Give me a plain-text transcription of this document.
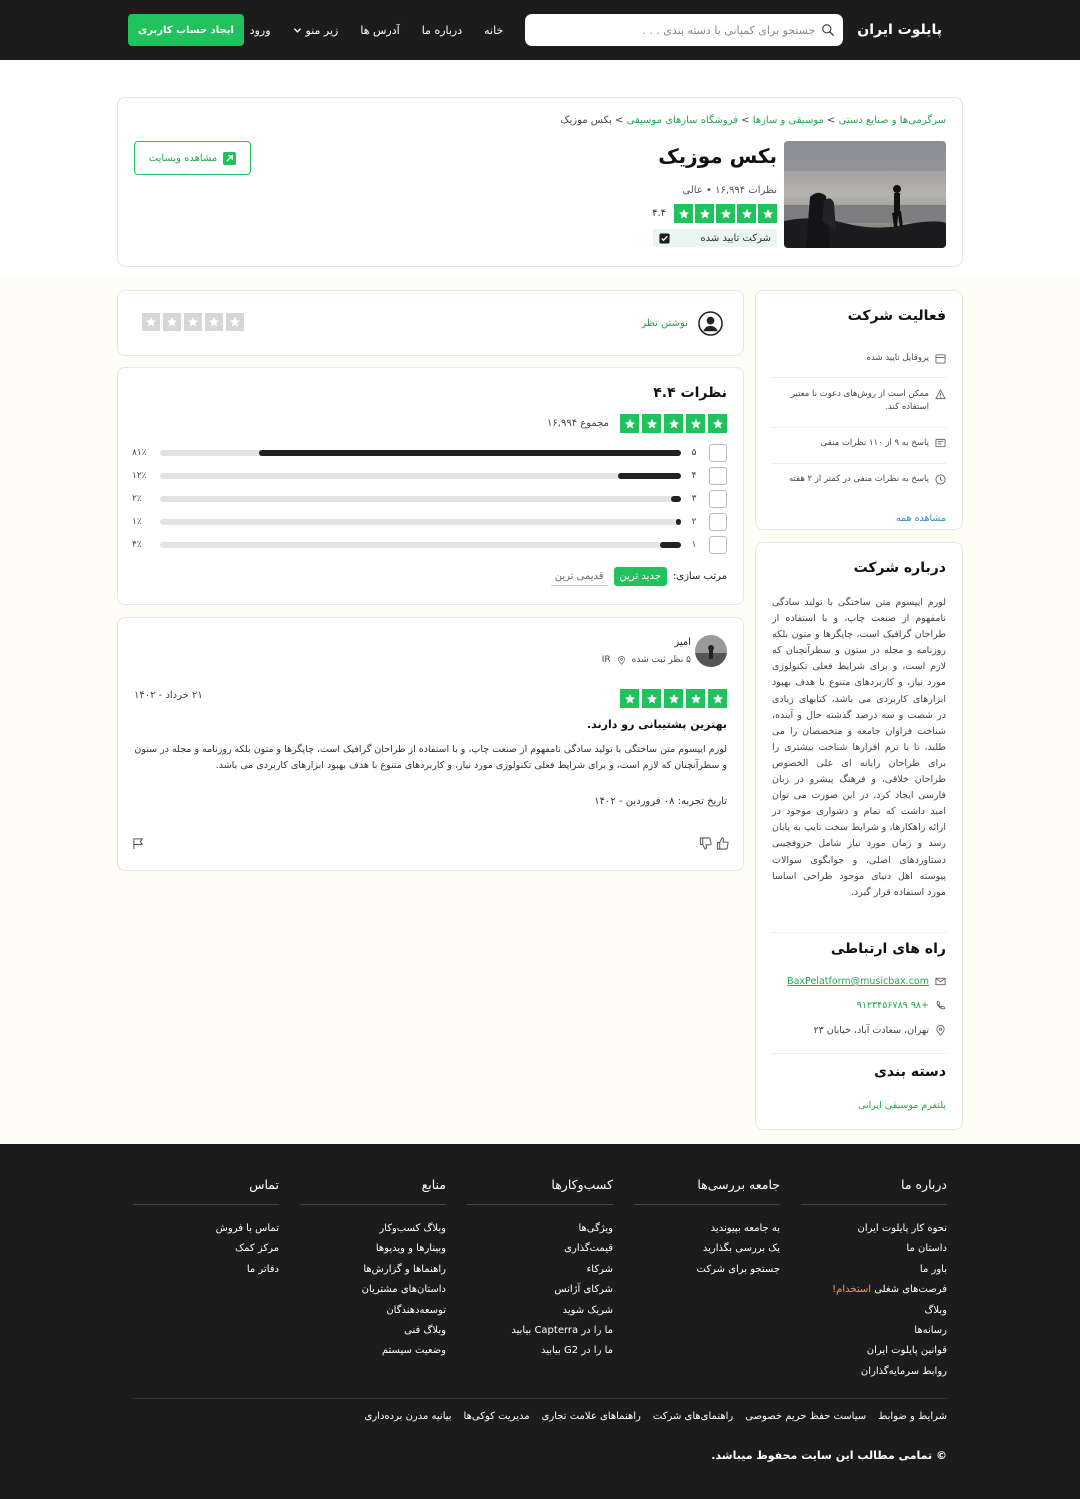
پایلوت ایران
جستجو برای کمپانی یا دسته بندی . . .
خانه
درباره ما
آدرس ها
زیر منو
ورود
ایجاد حساب کاربری
سرگرمی‌ها و صنایع دستی > موسیقی و سازها > فروشگاه سازهای موسیقی > بکس موزیک
بکس موزیک
نظرات ۱۶,۹۹۴ • عالی
۴.۴
شرکت تایید شده
مشاهده وبسایت
فعالیت شرکت
پروفایل تایید شده
ممکن است از روش‌های دعوت نا معتبر استفاده کند.
پاسخ به ۹ از ۱۱۰ نظرات منفی
پاسخ به نظرات منفی در کمتر از ۲ هفته
مشاهده همه
درباره شرکت

لورم ایپسوم متن ساختگی با تولید سادگی نامفهوم از صنعت چاپ، و با استفاده از طراحان گرافیک است، چاپگرها و متون بلکه روزنامه و مجله در ستون و سطرآنچنان که لازم است، و برای شرایط فعلی تکنولوژی مورد نیاز، و کاربردهای متنوع با هدف بهبود ابزارهای کاربردی می باشد، کتابهای زیادی در شصت و سه درصد گذشته حال و آینده، شناخت فراوان جامعه و متخصصان را می طلبد، تا با نرم افزارها شناخت بیشتری را برای طراحان رایانه ای علی الخصوص طراحان خلاقی، و فرهنگ پیشرو در زبان فارسی ایجاد کرد، در این صورت می توان امید داشت که تمام و دشواری موجود در ارائه راهکارها، و شرایط سخت تایپ به پایان رسد و زمان مورد نیاز شامل حروفچینی دستاوردهای اصلی، و جوابگوی سوالات پیوسته اهل دنیای موجود طراحی اساسا مورد استفاده قرار گیرد.

راه های ارتباطی
BaxPelatform@musicbax.com
+۹۸ ۹۱۲۳۴۵۶۷۸۹
تهران، سعادت آباد، خیابان ۲۳
دسته بندی
پلتفرم موسیقی ایرانی
نوشتن نظر
نظرات ۴.۴
مجموع ۱۶,۹۹۴
۵
۸۱٪
۴
۱۲٪
۳
۲٪
۲
۱٪
۱
۴٪
مرتب سازی:
جدید ترین
قدیمی ترین
امیر
۵ نظر ثبت شده
IR
۲۱ خرداد - ۱۴۰۲
بهترین پشتیبانی رو دارند.

لورم ایپسوم متن ساختگی با تولید سادگی نامفهوم از صنعت چاپ، و با استفاده از طراحان گرافیک است، چاپگرها و متون بلکه روزنامه و مجله در ستون و سطرآنچنان که لازم است، و برای شرایط فعلی تکنولوژی مورد نیاز، و کاربردهای متنوع با هدف بهبود ابزارهای کاربردی می باشد.

تاریخ تجربه: ۰۸ فروردین - ۱۴۰۲
درباره ما
نحوه کار پایلوت ایران
داستان ما
باور ما
فرصت‌های شغلی استخدام!
وبلاگ
رسانه‌ها
قوانین پایلوت ایران
روابط سرمایه‌گذاران
جامعه بررسی‌ها
به جامعه بپیوندید
یک بررسی بگذارید
جستجو برای شرکت
کسب‌وکارها
ویژگی‌ها
قیمت‌گذاری
شرکاء
شرکای آژانس
شریک شوید
ما را در Capterra بیابید
ما را در G2 بیابید
منابع
وبلاگ کسب‌وکار
وبینارها و ویدیوها
راهنماها و گزارش‌ها
داستان‌های مشتریان
توسعه‌دهندگان
وبلاگ فنی
وضعیت سیستم
تماس
تماس با فروش
مرکز کمک
دفاتر ما
شرایط و ضوابط
سیاست حفظ حریم خصوصی
راهنمای‌های شرکت
راهنماهای علامت تجاری
مدیریت کوکی‌ها
بیانیه مدرن برده‌داری
© تمامی مطالب این سایت محفوظ میباشد.
